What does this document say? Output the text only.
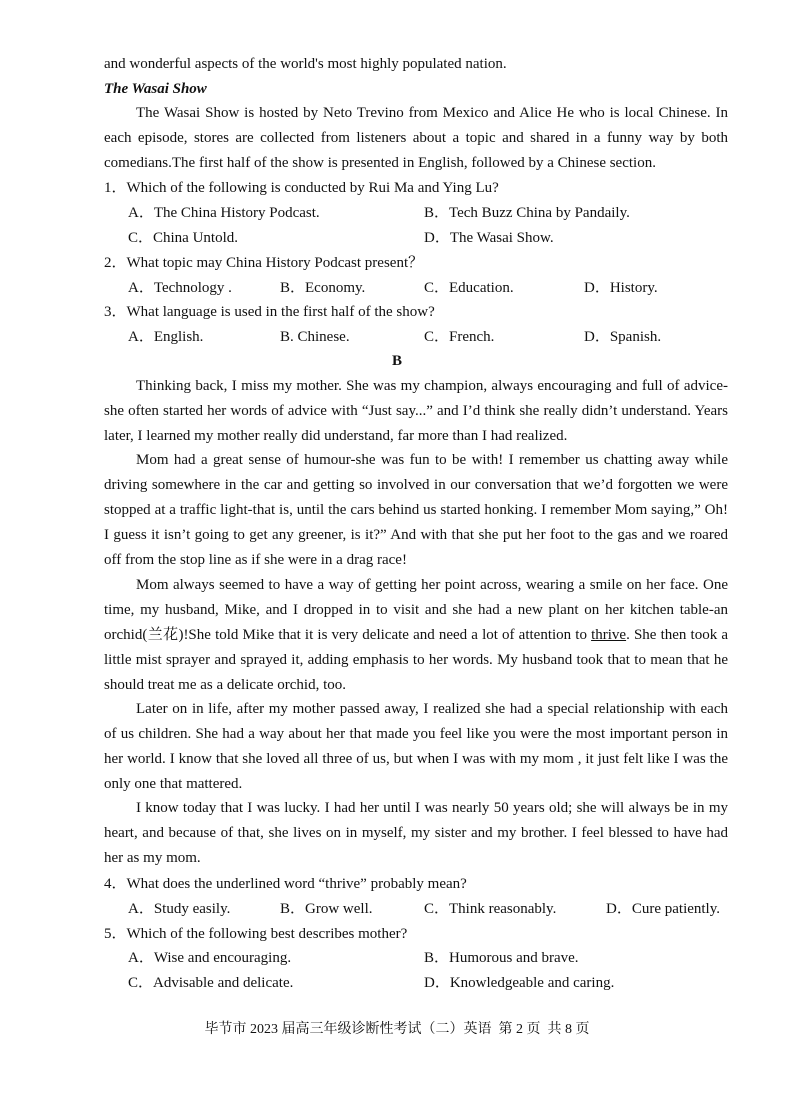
and wonderful aspects of the world's most highly populated nation.
The Wasai Show
The Wasai Show is hosted by Neto Trevino from Mexico and Alice He who is local Chinese. In each episode, stores are collected from listeners about a topic and shared in a funny way by both comedians.The first half of the show is presented in English, followed by a Chinese section.
1．Which of the following is conducted by Rui Ma and Ying Lu?
A．The China History Podcast.	B．Tech Buzz China by Pandaily.
C．China Untold.	D．The Wasai Show.
2．What topic may China History Podcast present？
A．Technology .	B．Economy.	C．Education.	D．History.
3．What language is used in the first half of the show?
A．English.	B. Chinese.	C．French.	D．Spanish.
B
Thinking back, I miss my mother. She was my champion, always encouraging and full of advice-she often started her words of advice with “Just say...” and I’d think she really didn’t understand. Years later, I learned my mother really did understand, far more than I had realized.
Mom had a great sense of humour-she was fun to be with! I remember us chatting away while driving somewhere in the car and getting so involved in our conversation that we’d forgotten we were stopped at a traffic light-that is, until the cars behind us started honking. I remember Mom saying,” Oh! I guess it isn’t going to get any greener, is it?” And with that she put her foot to the gas and we roared off from the stop line as if she were in a drag race!
Mom always seemed to have a way of getting her point across, wearing a smile on her face. One time, my husband, Mike, and I dropped in to visit and she had a new plant on her kitchen table-an orchid(兰花)!She told Mike that it is very delicate and need a lot of attention to thrive. She then took a little mist sprayer and sprayed it, adding emphasis to her words. My husband took that to mean that he should treat me as a delicate orchid, too.
Later on in life, after my mother passed away, I realized she had a special relationship with each of us children. She had a way about her that made you feel like you were the most important person in her world. I know that she loved all three of us, but when I was with my mom , it just felt like I was the only one that mattered.
I know today that I was lucky. I had her until I was nearly 50 years old; she will always be in my heart, and because of that, she lives on in myself, my sister and my brother. I feel blessed to have had her as my mom.
4．What does the underlined word “thrive” probably mean?
A．Study easily.	B．Grow well.	C．Think reasonably.	D．Cure patiently.
5．Which of the following best describes mother?
A．Wise and encouraging.	B．Humorous and brave.
C．Advisable and delicate.	D．Knowledgeable and caring.
毕节市 2023 届高三年级诊断性考试（二）英语 第 2 页 共 8 页
